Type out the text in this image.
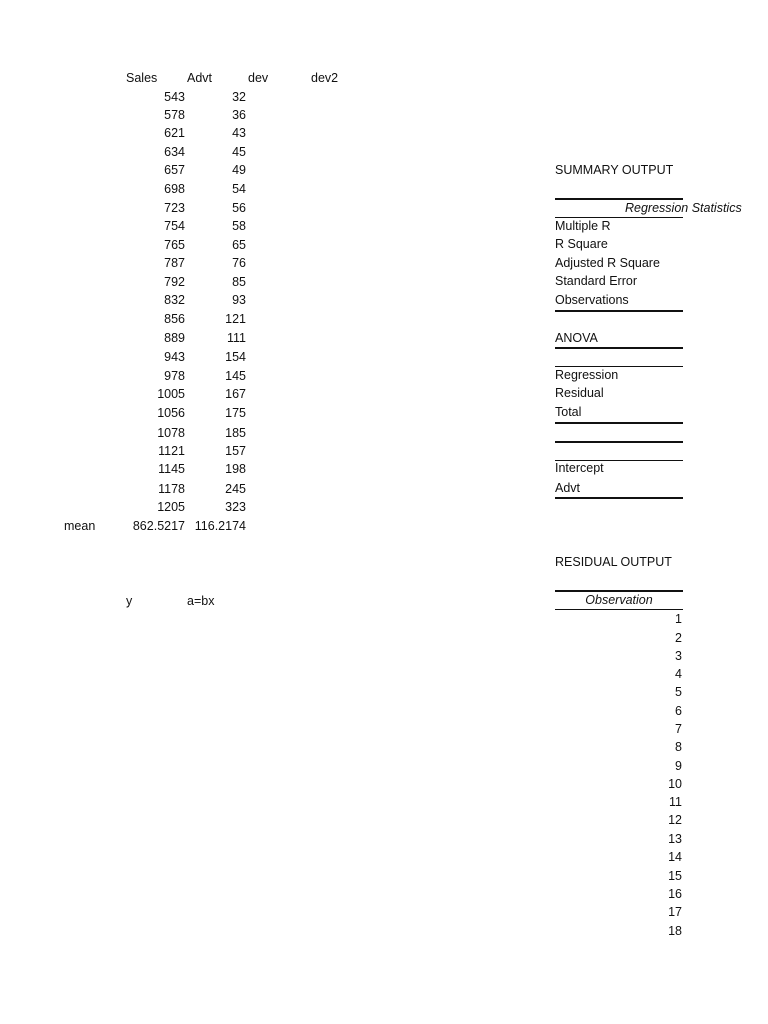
Sales Advt	dev	dev2
543	32
578	36
621	43
634	45
657	49
698	54
723	56
754	58
765	65
787	76
792	85
832	93
856	121
889	111
943	154
978	145
1005	167
1056	175
1078	185
1121	157
1145	198
1178	245
1205	323
mean	862.5217 116.2174
y	a=bx
SUMMARY OUTPUT
Regression Statistics
Multiple R
R Square
Adjusted R Square
Standard Error
Observations
ANOVA
Regression
Residual
Total
Intercept
Advt
RESIDUAL OUTPUT
Observation
1
2
3
4
5
6
7
8
9
10
11
12
13
14
15
16
17
18
